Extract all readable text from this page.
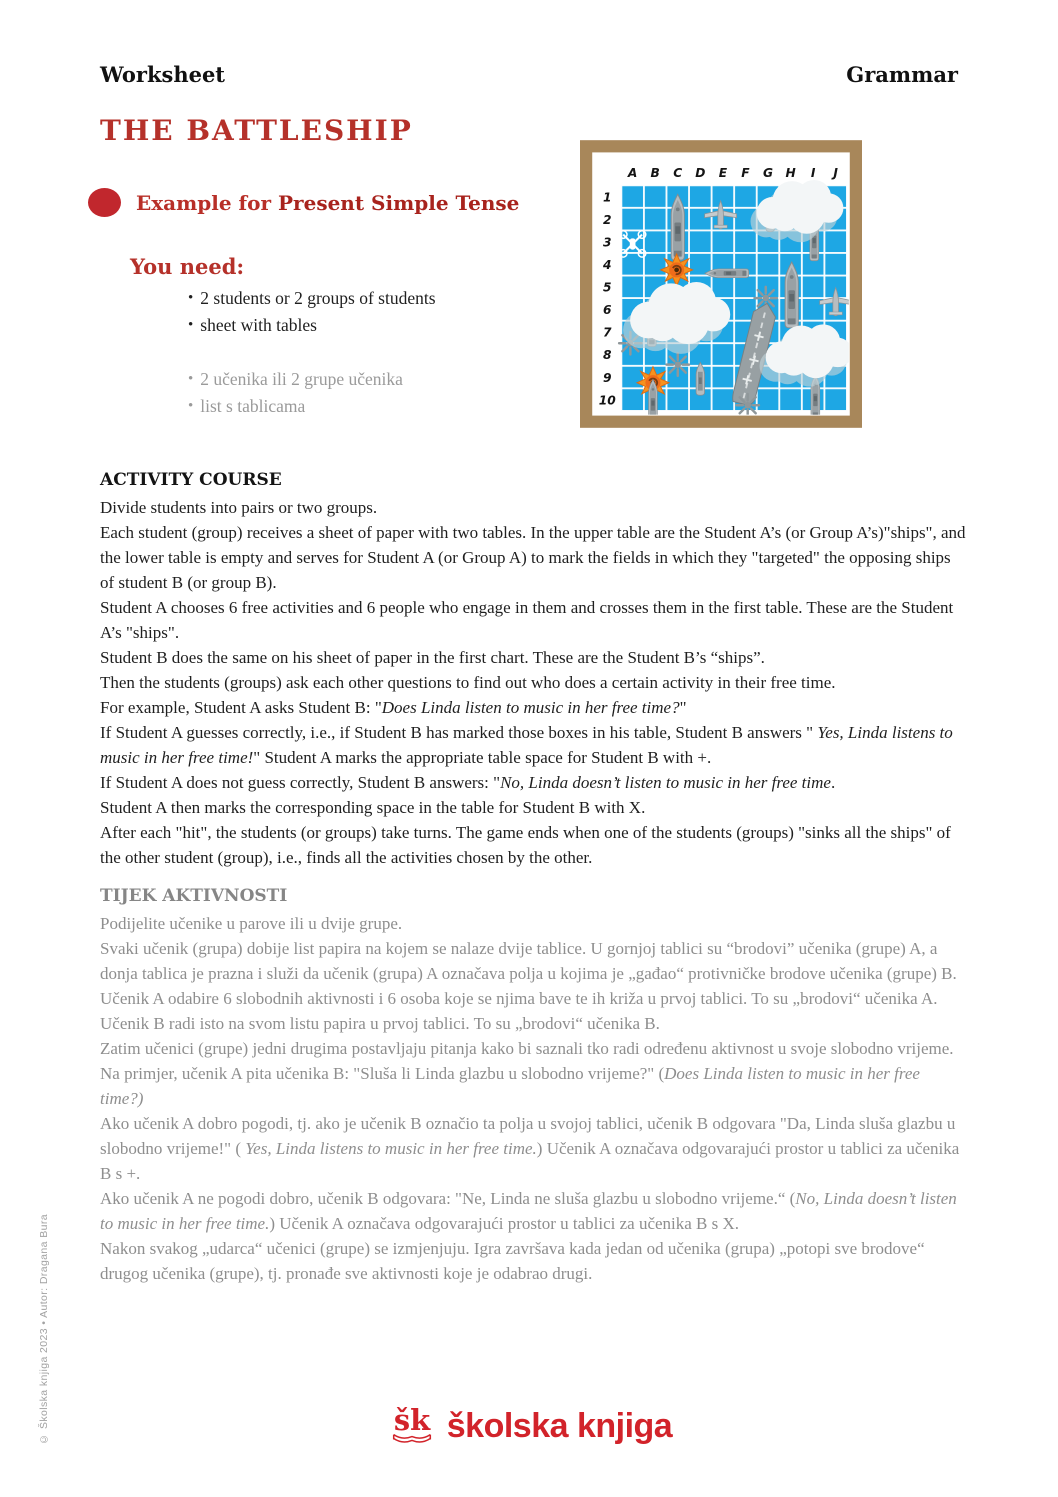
Worksheet	Grammar
THE BATTLESHIP
Example for Present Simple Tense
You need:
• 2 students or 2 groups of students
• sheet with tables
• 2 učenika ili 2 grupe učenika
• list s tablicama
A B C D E F G H I J
1
2
3
4
5
6
7
8
9
10
ACTIVITY COURSE

Divide students into pairs or two groups.

Each student (group) receives a sheet of paper with two tables. In the upper table are the Student A’s (or Group A’s)"ships", and the lower table is empty and serves for Student A (or Group A) to mark the fields in which they "targeted" the opposing ships of student B (or group B).

Student A chooses 6 free activities and 6 people who engage in them and crosses them in the first table. These are the Student A’s "ships".

Student B does the same on his sheet of paper in the first chart. These are the Student B’s “ships”.

Then the students (groups) ask each other questions to find out who does a certain activity in their free time.

For example, Student A asks Student B: "Does Linda listen to music in her free time?"

If Student A guesses correctly, i.e., if Student B has marked those boxes in his table, Student B answers " Yes, Linda listens to music in her free time!" Student A marks the appropriate table space for Student B with +.

If Student A does not guess correctly, Student B answers: "No, Linda doesn’t listen to music in her free time.

Student A then marks the corresponding space in the table for Student B with X.

After each "hit", the students (or groups) take turns. The game ends when one of the students (groups) "sinks all the ships" of the other student (group), i.e., finds all the activities chosen by the other.

TIJEK AKTIVNOSTI

Podijelite učenike u parove ili u dvije grupe.

Svaki učenik (grupa) dobije list papira na kojem se nalaze dvije tablice. U gornjoj tablici su “brodovi” učenika (grupe) A, a donja tablica je prazna i služi da učenik (grupa) A označava polja u kojima je „gađao“ protivničke brodove učenika (grupe) B.

Učenik A odabire 6 slobodnih aktivnosti i 6 osoba koje se njima bave te ih križa u prvoj tablici. To su „brodovi“ učenika A.

Učenik B radi isto na svom listu papira u prvoj tablici. To su „brodovi“ učenika B.

Zatim učenici (grupe) jedni drugima postavljaju pitanja kako bi saznali tko radi određenu aktivnost u svoje slobodno vrijeme.

Na primjer, učenik A pita učenika B: "Sluša li Linda glazbu u slobodno vrijeme?" (Does Linda listen to music in her free time?)

Ako učenik A dobro pogodi, tj. ako je učenik B označio ta polja u svojoj tablici, učenik B odgovara "Da, Linda sluša glazbu u slobodno vrijeme!" ( Yes, Linda listens to music in her free time.) Učenik A označava odgovarajući prostor u tablici za učenika B s +.

Ako učenik A ne pogodi dobro, učenik B odgovara: "Ne, Linda ne sluša glazbu u slobodno vrijeme.“ (No, Linda doesn’t listen to music in her free time.) Učenik A označava odgovarajući prostor u tablici za učenika B s X.

Nakon svakog „udarca“ učenici (grupe) se izmjenjuju. Igra završava kada jedan od učenika (grupa) „potopi sve brodove“ drugog učenika (grupe), tj. pronađe sve aktivnosti koje je odabrao drugi.

© Školska knjiga 2023 • Autor: Dragana Bura	šk školska knjiga
